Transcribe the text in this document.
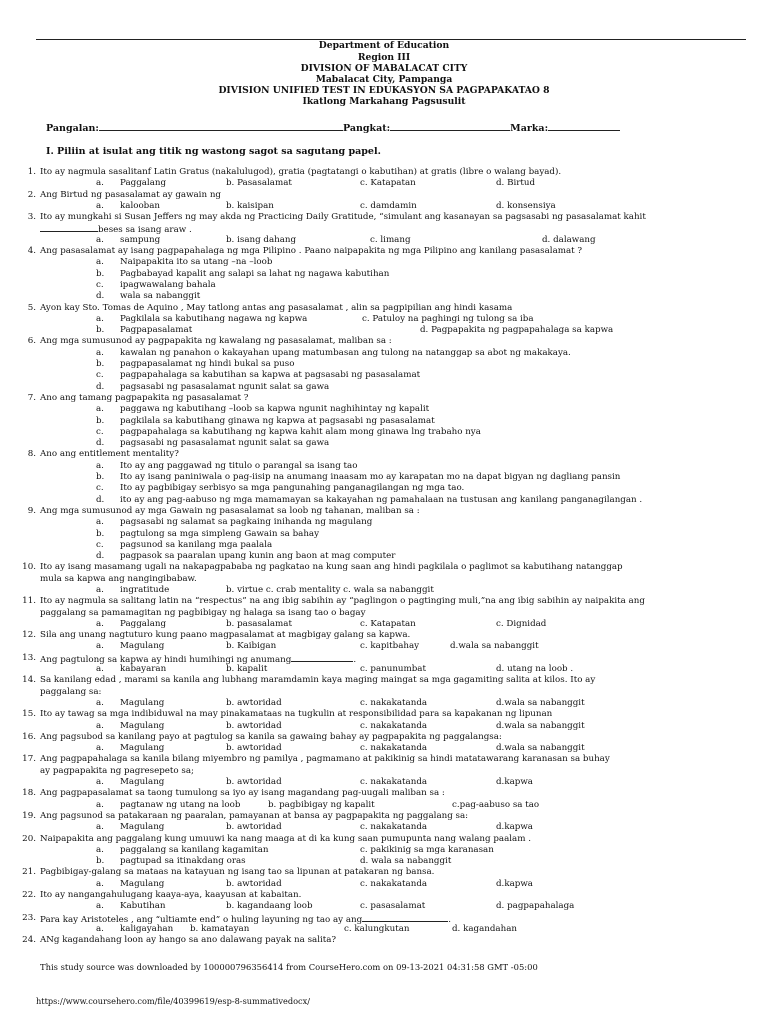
Department of Education
Region III
DIVISION OF MABALACAT CITY
Mabalacat City, Pampanga
DIVISION UNIFIED TEST IN EDUKASYON SA PAGPAPAKATAO 8
Ikatlong Markahang Pagsusulit
Pangalan:	Pangkat:	Marka:
I. Piliin at isulat ang titik ng wastong sagot sa sagutang papel.
1. Ito ay nagmula sasalitanf Latin Gratus (nakalulugod), gratia (pagtatangi o kabutihan) at gratis (libre o walang bayad).
a. Paggalang	b. Pasasalamat	c. Katapatan	d. Birtud
2. Ang Birtud ng pasasalamat ay gawain ng
a. kalooban	b. kaisipan	c. damdamin	d. konsensiya
3. Ito ay mungkahi si Susan Jeffers ng may akda ng Practicing Daily Gratitude, “simulant ang kasanayan sa pagsasabi ng pasasalamat kahit
beses sa isang araw .
a. sampung	b. isang dahang	c. limang	d. dalawang
4. Ang pasasalamat ay isang pagpapahalaga ng mga Pilipino . Paano naipapakita ng mga Pilipino ang kanilang pasasalamat ?
a. Naipapakita ito sa utang –na –loob
b. Pagbabayad kapalit ang salapi sa lahat ng nagawa kabutihan
c. ipagwawalang bahala
d. wala sa nabanggit
5. Ayon kay Sto. Tomas de Aquino , May tatlong antas ang pasasalamat , alin sa pagpipilian ang hindi kasama
a. Pagkilala sa kabutihang nagawa ng kapwa	c. Patuloy na paghingi ng tulong sa iba
b. Pagpapasalamat	d. Pagpapakita ng pagpapahalaga sa kapwa
6. Ang mga sumusunod ay pagpapakita ng kawalang ng pasasalamat, maliban sa :
a. kawalan ng panahon o kakayahan upang matumbasan ang tulong na natanggap sa abot ng makakaya.
b. pagpapasalamat ng hindi bukal sa puso
c. pagpapahalaga sa kabutihan sa kapwa at pagsasabi ng pasasalamat
d. pagsasabi ng pasasalamat ngunit salat sa gawa
7. Ano ang tamang pagpapakita ng pasasalamat ?
a. paggawa ng kabutihang –loob sa kapwa ngunit naghihintay ng kapalit
b. pagkilala sa kabutihang ginawa ng kapwa at pagsasabi ng pasasalamat
c. pagpapahalaga sa kabutihang ng kapwa kahit alam mong ginawa lng trabaho nya
d. pagsasabi ng pasasalamat ngunit salat sa gawa
8. Ano ang entitlement mentality?
a. Ito ay ang paggawad ng titulo o parangal sa isang tao
b. Ito ay isang paniniwala o pag-iisip na anumang inaasam mo ay karapatan mo na dapat bigyan ng dagliang pansin
c. Ito ay pagbibigay serbisyo sa mga pangunahing panganagilangan ng mga tao.
d. ito ay ang pag-aabuso ng mga mamamayan sa kakayahan ng pamahalaan na tustusan ang kanilang panganagilangan .
9. Ang mga sumusunod ay mga Gawain ng pasasalamat sa loob ng tahanan, maliban sa :
a. pagsasabi ng salamat sa pagkaing inihanda ng magulang
b. pagtulong sa mga simpleng Gawain sa bahay
c. pagsunod sa kanilang mga paalala
d. pagpasok sa paaralan upang kunin ang baon at mag computer
10. Ito ay isang masamang ugali na nakapagpababa ng pagkatao na kung saan ang hindi pagkilala o paglimot sa kabutihang natanggap
mula sa kapwa ang nangingibabaw.
a. ingratitude	b. virtue c. crab mentality c. wala sa nabanggit
11. Ito ay nagmula sa salitang latin na “respectus” na ang ibig sabihin ay “paglingon o pagtinging muli,”na ang ibig sabihin ay naipakita ang
paggalang sa pamamagitan ng pagbibigay ng halaga sa isang tao o bagay
a. Paggalang	b. pasasalamat	c. Katapatan	c. Dignidad
12. Sila ang unang nagtuturo kung paano magpasalamat at magbigay galang sa kapwa.
a. Magulang	b. Kaibigan	c. kapitbahay	d.wala sa nabanggit
13. Ang pagtulong sa kapwa ay hindi humihingi ng anumang	.
a. kabayaran	b. kapalit	c. panunumbat	d. utang na loob .
14. Sa kanilang edad , marami sa kanila ang lubhang maramdamin kaya maging maingat sa mga gagamiting salita at kilos. Ito ay
paggalang sa:
a. Magulang	b. awtoridad	c. nakakatanda	d.wala sa nabanggit
15. Ito ay tawag sa mga indibiduwal na may pinakamataas na tugkulin at responsibilidad para sa kapakanan ng lipunan
a. Magulang	b. awtoridad	c. nakakatanda	d.wala sa nabanggit
16. Ang pagsubod sa kanilang payo at pagtulog sa kanila sa gawaing bahay ay pagpapakita ng paggalangsa:
a. Magulang	b. awtoridad	c. nakakatanda	d.wala sa nabanggit
17. Ang pagpapahalaga sa kanila bilang miyembro ng pamilya , pagmamano at pakikinig sa hindi matatawarang karanasan sa buhay
ay pagpapakita ng pagresepeto sa;
a. Magulang	b. awtoridad	c. nakakatanda	d.kapwa
18. Ang pagpapasalamat sa taong tumulong sa iyo ay isang magandang pag-uugali maliban sa :
a. pagtanaw ng utang na loob	b. pagbibigay ng kapalit	c.pag-aabuso sa tao
19. Ang pagsunod sa patakaraan ng paaralan, pamayanan at bansa ay pagpapakita ng paggalang sa:
a. Magulang	b. awtoridad	c. nakakatanda	d.kapwa
20. Naipapakita ang paggalang kung umuuwi ka nang maaga at di ka kung saan pumupunta nang walang paalam .
a. paggalang sa kanilang kagamitan	c. pakikinig sa mga karanasan
b. pagtupad sa itinakdang oras	d. wala sa nabanggit
21. Pagbibigay-galang sa mataas na katayuan ng isang tao sa lipunan at patakaran ng bansa.
a. Magulang	b. awtoridad	c. nakakatanda	d.kapwa
22. Ito ay nangangahulugang kaaya-aya, kaayusan at kabaitan.
a. Kabutihan	b. kagandaang loob	c. pasasalamat	d. pagpapahalaga
23. Para kay Aristoteles , ang “ultiamte end” o huling layuning ng tao ay ang	.
a. kaligayahan b. kamatayan	c. kalungkutan	d. kagandahan
24. ANg kagandahang loon ay hango sa ano dalawang payak na salita?
This study source was downloaded by 100000796356414 from CourseHero.com on 09-13-2021 04:31:58 GMT -05:00
https://www.coursehero.com/file/40399619/esp-8-summativedocx/
